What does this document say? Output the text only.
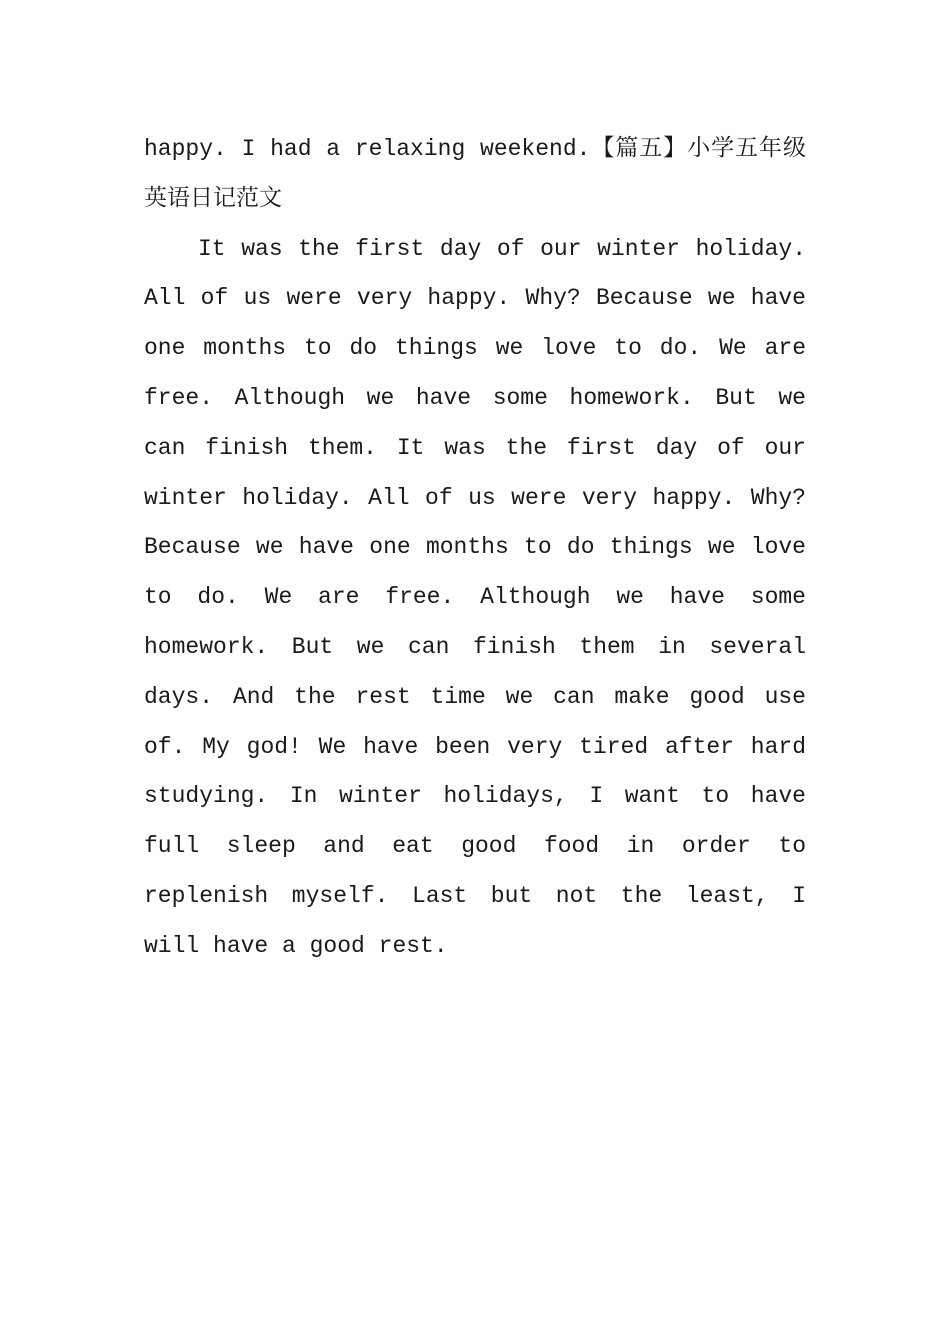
happy. I had a relaxing weekend.【篇五】小学五年级英语日记范文

It was the first day of our winter holiday. All of us were very happy. Why? Because we have one months to do things we love to do. We are free. Although we have some homework. But we can finish them. It was the first day of our winter holiday. All of us were very happy. Why? Because we have one months to do things we love to do. We are free. Although we have some homework. But we can finish them in several days. And the rest time we can make good use of. My god! We have been very tired after hard studying. In winter holidays, I want to have full sleep and eat good food in order to replenish myself. Last but not the least, I will have a good rest.
